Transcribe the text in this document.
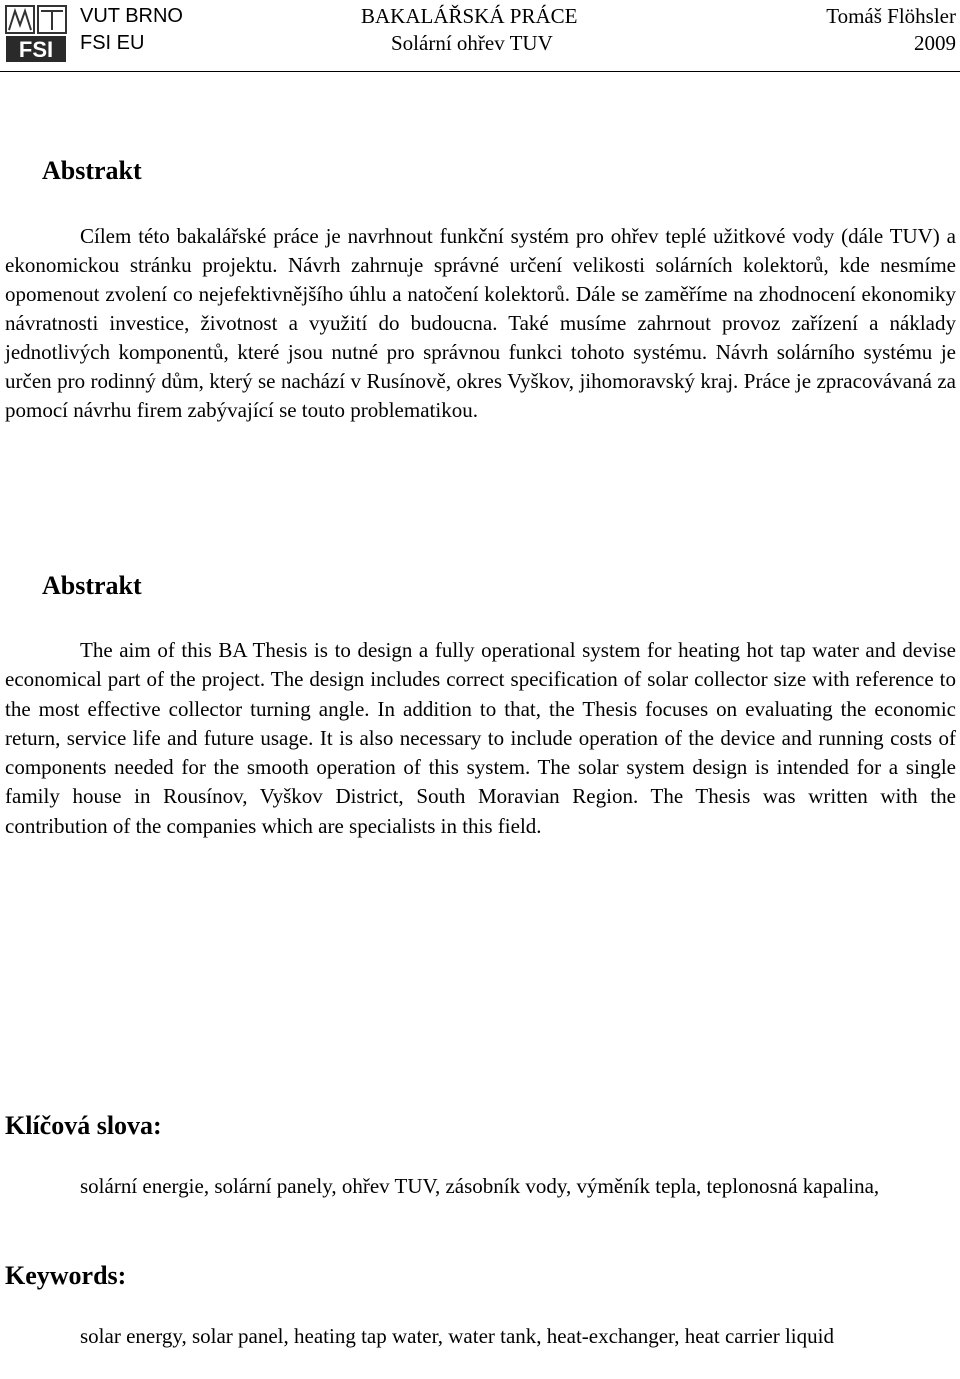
FSI
VUT BRNO
FSI EU
BAKALÁŘSKÁ PRÁCE
Solární ohřev TUV
Tomáš Flöhsler
2009
Abstrakt

Cílem této bakalářské práce je navrhnout funkční systém pro ohřev teplé užitkové vody (dále TUV) a ekonomickou stránku projektu. Návrh zahrnuje správné určení velikosti solárních kolektorů, kde nesmíme opomenout zvolení co nejefektivnějšího úhlu a natočení kolektorů. Dále se zaměříme na zhodnocení ekonomiky návratnosti investice, životnost a využití do budoucna. Také musíme zahrnout provoz zařízení a náklady jednotlivých komponentů, které jsou nutné pro správnou funkci tohoto systému. Návrh solárního systému je určen pro rodinný dům, který se nachází v Rusínově, okres Vyškov, jihomoravský kraj. Práce je zpracovávaná za pomocí návrhu firem zabývající se touto problematikou.

Abstrakt

The aim of this BA Thesis is to design a fully operational system for heating hot tap water and devise economical part of the project. The design includes correct specification of solar collector size with reference to the most effective collector turning angle. In addition to that, the Thesis focuses on evaluating the economic return, service life and future usage. It is also necessary to include operation of the device and running costs of components needed for the smooth operation of this system. The solar system design is intended for a single family house in Rousínov, Vyškov District, South Moravian Region. The Thesis was written with the contribution of the companies which are specialists in this field.

Klíčová slova:

solární energie, solární panely, ohřev TUV, zásobník vody, výměník tepla, teplonosná kapalina,

Keywords:

solar energy, solar panel, heating tap water, water tank, heat-exchanger, heat carrier liquid
